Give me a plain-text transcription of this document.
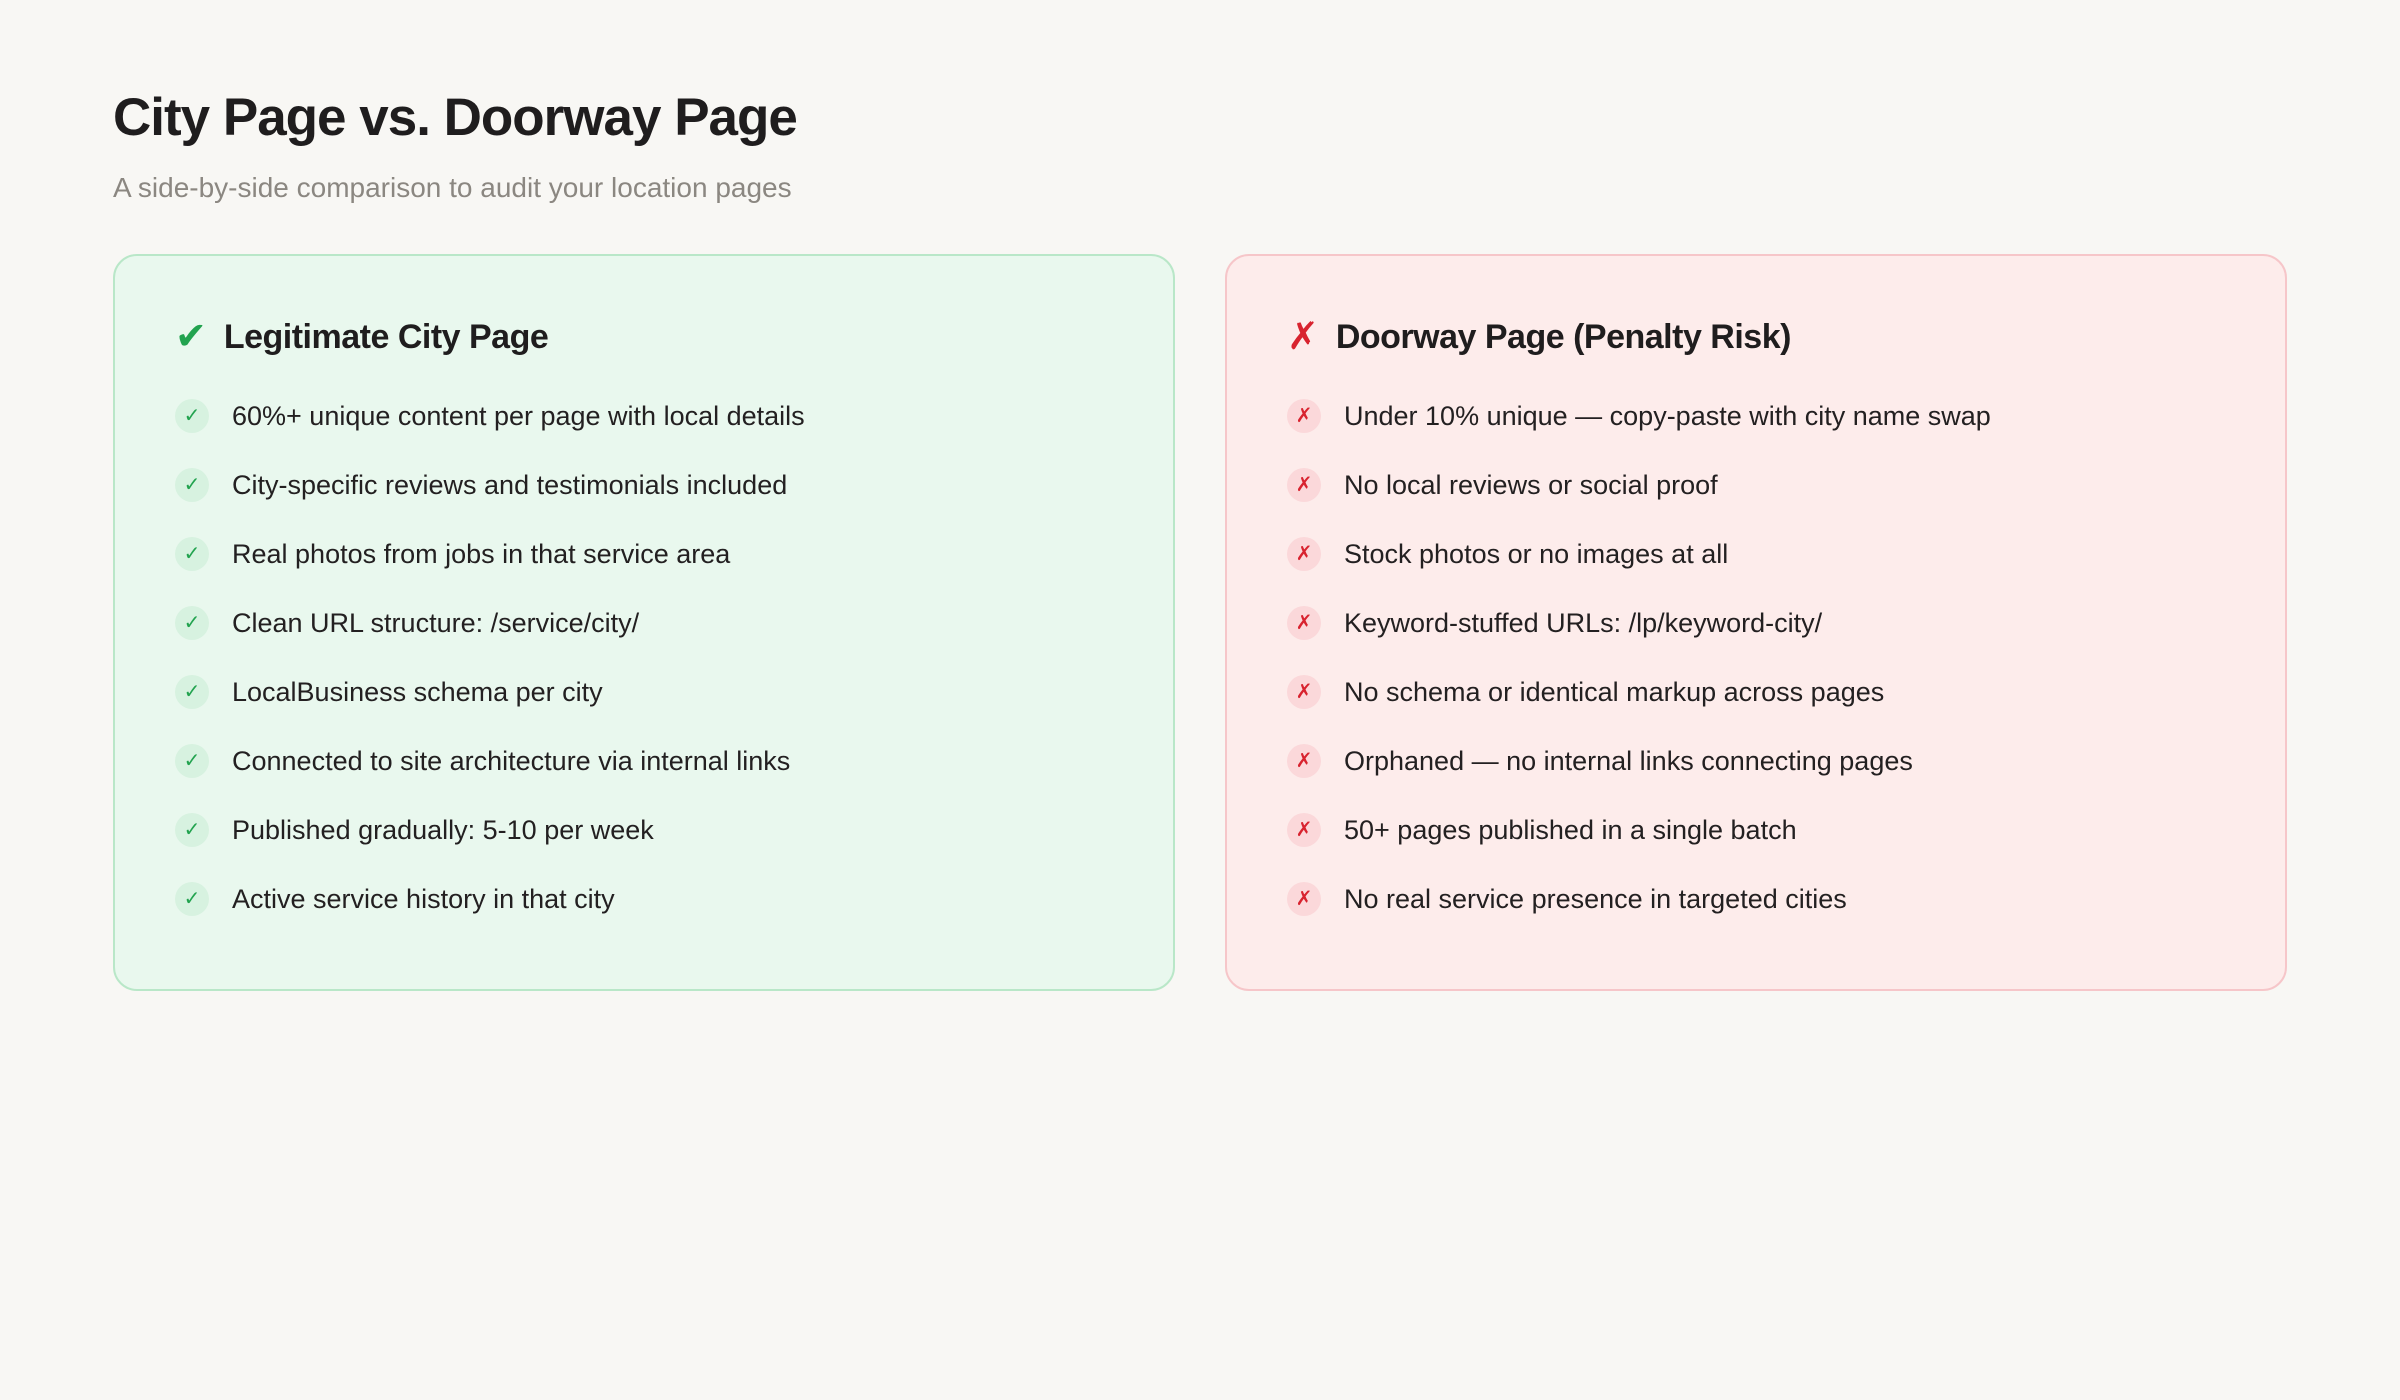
City Page vs. Doorway Page

A side-by-side comparison to audit your location pages

✔ Legitimate City Page
✓	60%+ unique content per page with local details
✓	City-specific reviews and testimonials included
✓	Real photos from jobs in that service area
✓	Clean URL structure: /service/city/
✓	LocalBusiness schema per city
✓	Connected to site architecture via internal links
✓	Published gradually: 5-10 per week
✓	Active service history in that city
✗ Doorway Page (Penalty Risk)
✗	Under 10% unique — copy-paste with city name swap
✗	No local reviews or social proof
✗	Stock photos or no images at all
✗	Keyword-stuffed URLs: /lp/keyword-city/
✗	No schema or identical markup across pages
✗	Orphaned — no internal links connecting pages
✗	50+ pages published in a single batch
✗	No real service presence in targeted cities
